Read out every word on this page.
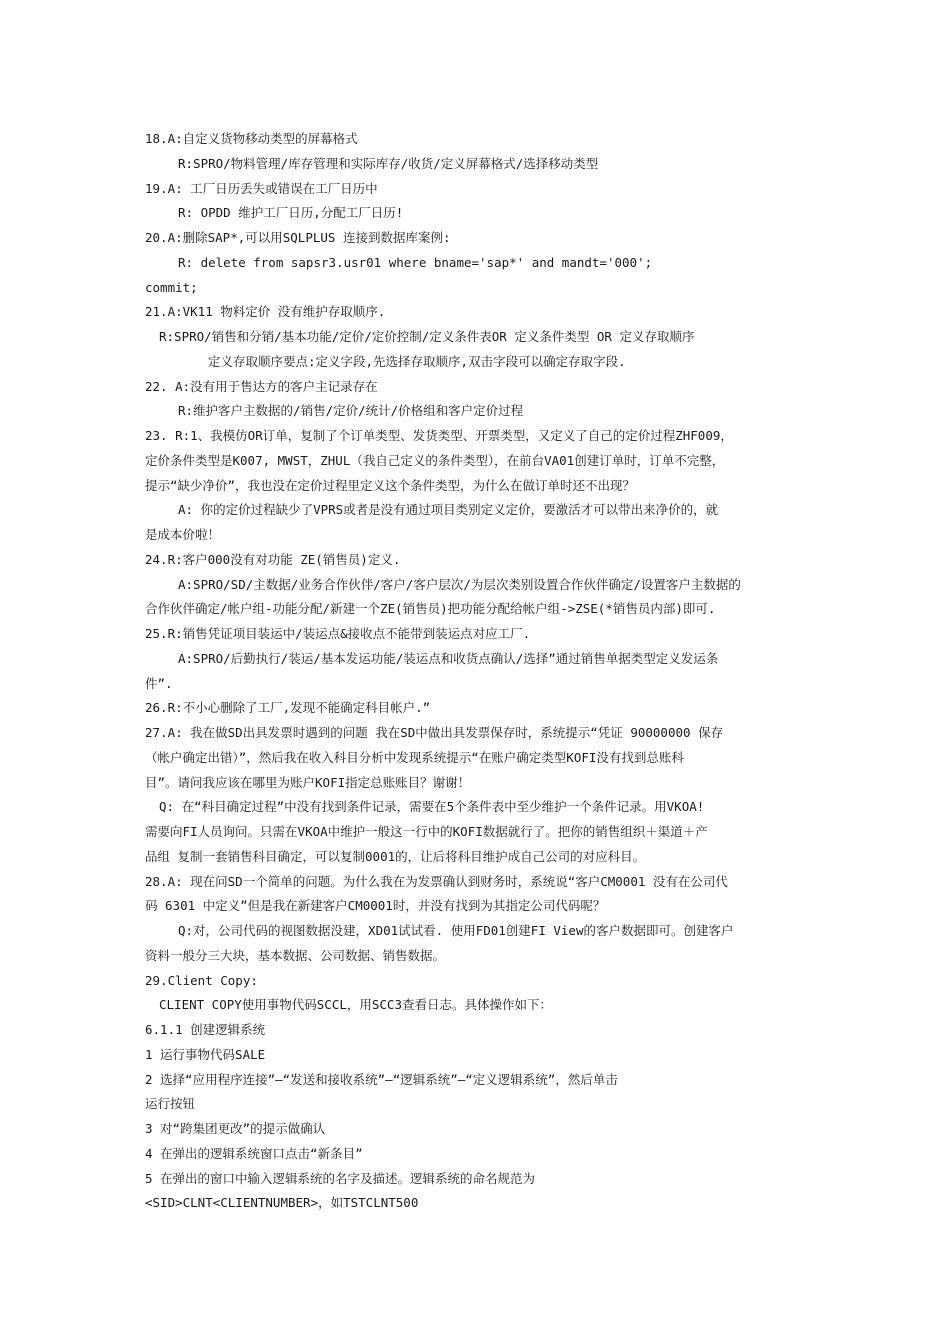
18.A:自定义货物移动类型的屏幕格式
R:SPRO/物料管理/库存管理和实际库存/收货/定义屏幕格式/选择移动类型
19.A: 工厂日历丢失或错误在工厂日历中
R: OPDD 维护工厂日历,分配工厂日历!
20.A:删除SAP*,可以用SQLPLUS 连接到数据库案例:
R: delete from sapsr3.usr01 where bname='sap*' and mandt='000';
commit;
21.A:VK11 物料定价 没有维护存取顺序.
R:SPRO/销售和分销/基本功能/定价/定价控制/定义条件表OR 定义条件类型 OR 定义存取顺序
定义存取顺序要点:定义字段,先选择存取顺序,双击字段可以确定存取字段.
22. A:没有用于售达方的客户主记录存在
R:维护客户主数据的/销售/定价/统计/价格组和客户定价过程
23. R:1、我模仿OR订单，复制了个订单类型、发货类型、开票类型，又定义了自己的定价过程ZHF009，
定价条件类型是K007, MWST，ZHUL（我自己定义的条件类型），在前台VA01创建订单时，订单不完整，
提示“缺少净价”，我也没在定价过程里定义这个条件类型，为什么在做订单时还不出现？
A: 你的定价过程缺少了VPRS或者是没有通过项目类别定义定价，要激活才可以带出来净价的，就
是成本价啦！
24.R:客户000没有对功能 ZE(销售员)定义.
A:SPRO/SD/主数据/业务合作伙伴/客户/客户层次/为层次类别设置合作伙伴确定/设置客户主数据的
合作伙伴确定/帐户组-功能分配/新建一个ZE(销售员)把功能分配给帐户组->ZSE(*销售员内部)即可.
25.R:销售凭证项目装运中/装运点&接收点不能带到装运点对应工厂.
A:SPRO/后勤执行/装运/基本发运功能/装运点和收货点确认/选择”通过销售单据类型定义发运条
件”.
26.R:不小心删除了工厂,发现不能确定科目帐户.”
27.A: 我在做SD出具发票时遇到的问题 我在SD中做出具发票保存时，系统提示“凭证 90000000 保存
（帐户确定出错）”，然后我在收入科目分析中发现系统提示“在账户确定类型KOFI没有找到总账科
目”。请问我应该在哪里为账户KOFI指定总账账目？谢谢！
Q: 在“科目确定过程”中没有找到条件记录，需要在5个条件表中至少维护一个条件记录。用VKOA!
需要向FI人员询问。只需在VKOA中维护一般这一行中的KOFI数据就行了。把你的销售组织＋渠道＋产
品组 复制一套销售科目确定，可以复制0001的，让后将科目维护成自己公司的对应科目。
28.A: 现在问SD一个简单的问题。为什么我在为发票确认到财务时，系统说“客户CM0001 没有在公司代
码 6301 中定义”但是我在新建客户CM0001时，并没有找到为其指定公司代码呢？
Q:对，公司代码的视图数据没建，XD01试试看. 使用FD01创建FI View的客户数据即可。创建客户
资料一般分三大块，基本数据、公司数据、销售数据。
29.Client Copy:
CLIENT COPY使用事物代码SCCL，用SCC3查看日志。具体操作如下：
6.1.1 创建逻辑系统
1 运行事物代码SALE
2 选择“应用程序连接”—“发送和接收系统”—“逻辑系统”—“定义逻辑系统”，然后单击
运行按钮
3 对“跨集团更改”的提示做确认
4 在弹出的逻辑系统窗口点击“新条目”
5 在弹出的窗口中输入逻辑系统的名字及描述。逻辑系统的命名规范为
<SID>CLNT<CLIENTNUMBER>，如TSTCLNT500
